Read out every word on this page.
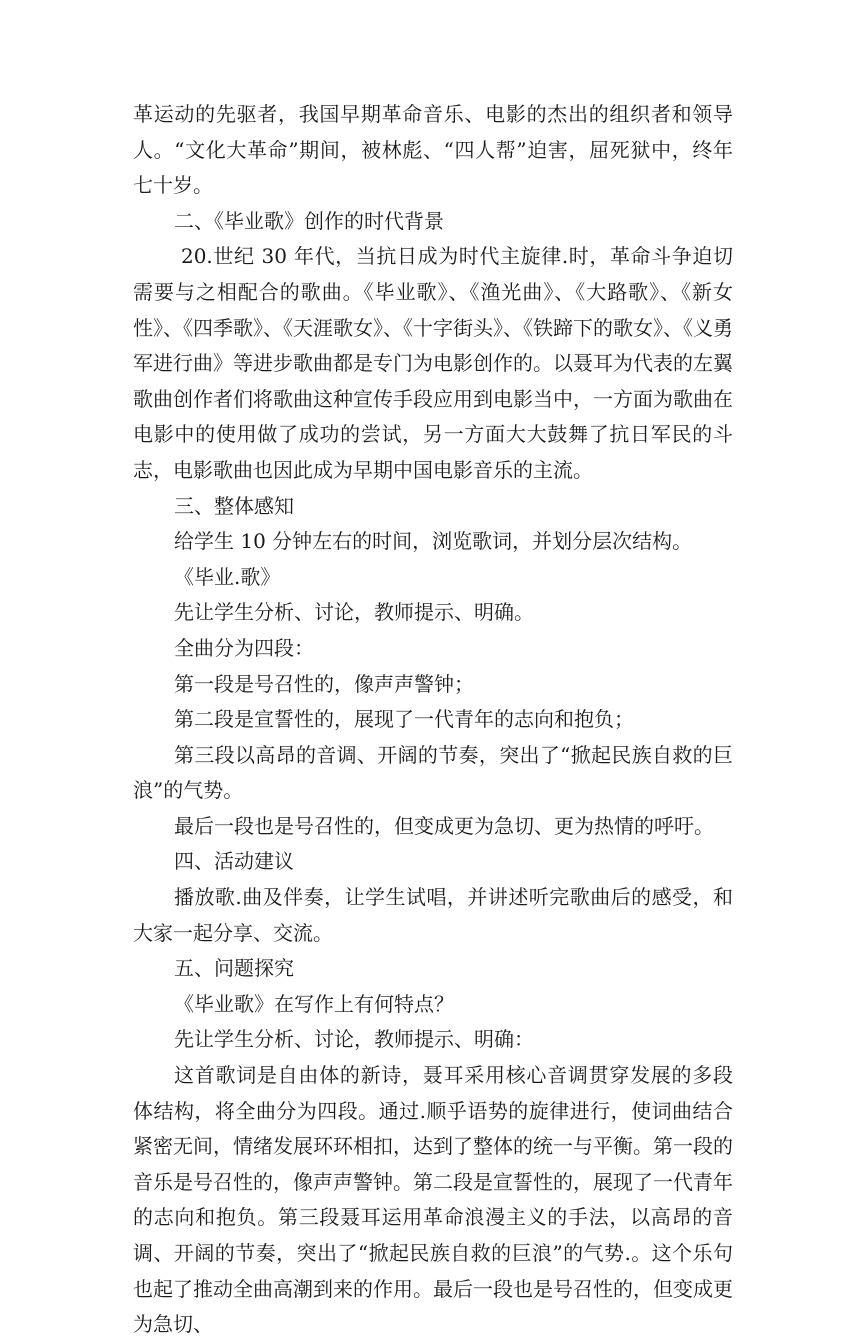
革运动的先驱者，我国早期革命音乐、电影的杰出的组织者和领导人。“文化大革命”期间，被林彪、“四人帮”迫害，屈死狱中，终年七十岁。

二、《毕业歌》创作的时代背景

20.世纪 30 年代，当抗日成为时代主旋律.时，革命斗争迫切需要与之相配合的歌曲。《毕业歌》、《渔光曲》、《大路歌》、《新女性》、《四季歌》、《天涯歌女》、《十字街头》、《铁蹄下的歌女》、《义勇军进行曲》等进步歌曲都是专门为电影创作的。以聂耳为代表的左翼歌曲创作者们将歌曲这种宣传手段应用到电影当中，一方面为歌曲在电影中的使用做了成功的尝试，另一方面大大鼓舞了抗日军民的斗志，电影歌曲也因此成为早期中国电影音乐的主流。

三、整体感知

给学生 10 分钟左右的时间，浏览歌词，并划分层次结构。

《毕业.歌》

先让学生分析、讨论，教师提示、明确。

全曲分为四段：

第一段是号召性的，像声声警钟；

第二段是宣誓性的，展现了一代青年的志向和抱负；

第三段以高昂的音调、开阔的节奏，突出了“掀起民族自救的巨浪”的气势。

最后一段也是号召性的，但变成更为急切、更为热情的呼吁。

四、活动建议

播放歌.曲及伴奏，让学生试唱，并讲述听完歌曲后的感受，和大家一起分享、交流。

五、问题探究

《毕业歌》在写作上有何特点？

先让学生分析、讨论，教师提示、明确：

这首歌词是自由体的新诗，聂耳采用核心音调贯穿发展的多段体结构，将全曲分为四段。通过.顺乎语势的旋律进行，使词曲结合紧密无间，情绪发展环环相扣，达到了整体的统一与平衡。第一段的音乐是号召性的，像声声警钟。第二段是宣誓性的，展现了一代青年的志向和抱负。第三段聂耳运用革命浪漫主义的手法，以高昂的音调、开阔的节奏，突出了“掀起民族自救的巨浪”的气势.。这个乐句也起了推动全曲高潮到来的作用。最后一段也是号召性的，但变成更为急切、
